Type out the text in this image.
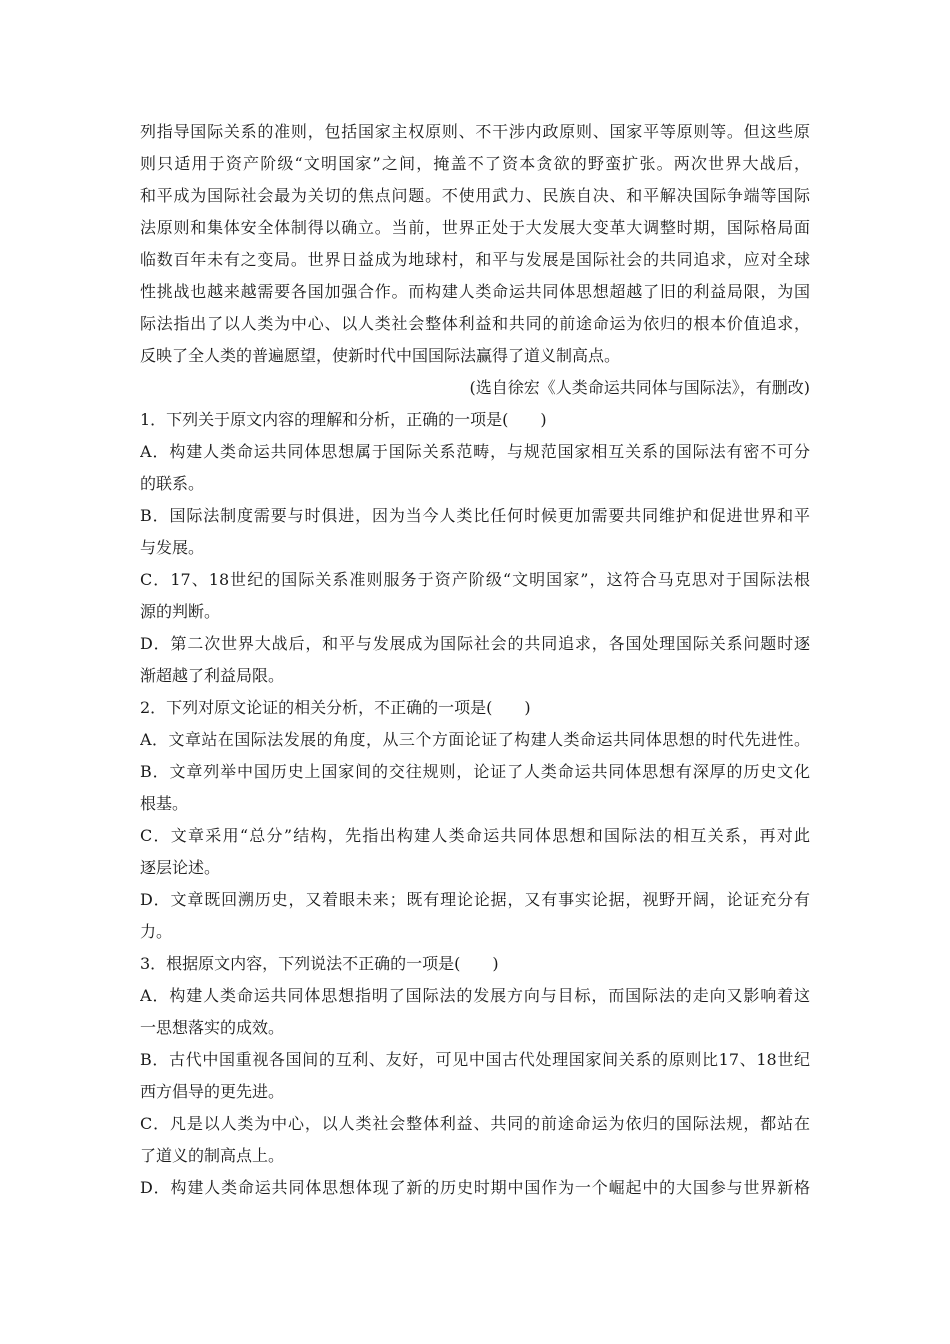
列指导国际关系的准则，包括国家主权原则、不干涉内政原则、国家平等原则等。但这些原
则只适用于资产阶级“文明国家”之间，掩盖不了资本贪欲的野蛮扩张。两次世界大战后，
和平成为国际社会最为关切的焦点问题。不使用武力、民族自决、和平解决国际争端等国际
法原则和集体安全体制得以确立。当前，世界正处于大发展大变革大调整时期，国际格局面
临数百年未有之变局。世界日益成为地球村，和平与发展是国际社会的共同追求，应对全球
性挑战也越来越需要各国加强合作。而构建人类命运共同体思想超越了旧的利益局限，为国
际法指出了以人类为中心、以人类社会整体利益和共同的前途命运为依归的根本价值追求，
反映了全人类的普遍愿望，使新时代中国国际法赢得了道义制高点。
(选自徐宏《人类命运共同体与国际法》，有删改)
1．下列关于原文内容的理解和分析，正确的一项是(　　)
A．构建人类命运共同体思想属于国际关系范畴，与规范国家相互关系的国际法有密不可分
的联系。
B．国际法制度需要与时俱进，因为当今人类比任何时候更加需要共同维护和促进世界和平
与发展。
C．17、18世纪的国际关系准则服务于资产阶级“文明国家”，这符合马克思对于国际法根
源的判断。
D．第二次世界大战后，和平与发展成为国际社会的共同追求，各国处理国际关系问题时逐
渐超越了利益局限。
2．下列对原文论证的相关分析，不正确的一项是(　　)
A．文章站在国际法发展的角度，从三个方面论证了构建人类命运共同体思想的时代先进性。
B．文章列举中国历史上国家间的交往规则，论证了人类命运共同体思想有深厚的历史文化
根基。
C．文章采用“总分”结构，先指出构建人类命运共同体思想和国际法的相互关系，再对此
逐层论述。
D．文章既回溯历史，又着眼未来；既有理论论据，又有事实论据，视野开阔，论证充分有
力。
3．根据原文内容，下列说法不正确的一项是(　　)
A．构建人类命运共同体思想指明了国际法的发展方向与目标，而国际法的走向又影响着这
一思想落实的成效。
B．古代中国重视各国间的互利、友好，可见中国古代处理国家间关系的原则比17、18世纪
西方倡导的更先进。
C．凡是以人类为中心，以人类社会整体利益、共同的前途命运为依归的国际法规，都站在
了道义的制高点上。
D．构建人类命运共同体思想体现了新的历史时期中国作为一个崛起中的大国参与世界新格
